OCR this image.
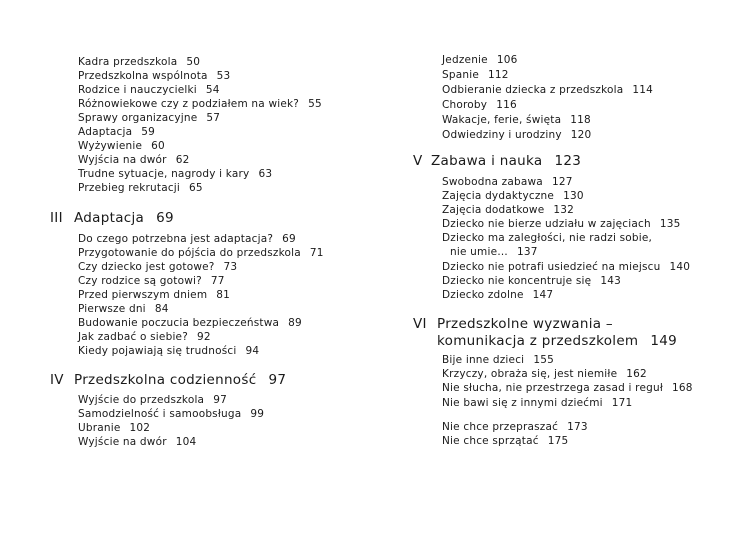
Kadra przedszkola 50
Przedszkolna wspólnota 53
Rodzice i nauczycielki 54
Różnowiekowe czy z podziałem na wiek? 55
Sprawy organizacyjne 57
Adaptacja 59
Wyżywienie 60
Wyjścia na dwór 62
Trudne sytuacje, nagrody i kary 63
Przebieg rekrutacji 65
III Adaptacja 69
Do czego potrzebna jest adaptacja? 69
Przygotowanie do pójścia do przedszkola 71
Czy dziecko jest gotowe? 73
Czy rodzice są gotowi? 77
Przed pierwszym dniem 81
Pierwsze dni 84
Budowanie poczucia bezpieczeństwa 89
Jak zadbać o siebie? 92
Kiedy pojawiają się trudności 94
IV Przedszkolna codzienność 97
Wyjście do przedszkola 97
Samodzielność i samoobsługa 99
Ubranie 102
Wyjście na dwór 104
Jedzenie 106
Spanie 112
Odbieranie dziecka z przedszkola 114
Choroby 116
Wakacje, ferie, święta 118
Odwiedziny i urodziny 120
V Zabawa i nauka 123
Swobodna zabawa 127
Zajęcia dydaktyczne 130
Zajęcia dodatkowe 132
Dziecko nie bierze udziału w zajęciach 135
Dziecko ma zaległości, nie radzi sobie,
nie umie… 137
Dziecko nie potrafi usiedzieć na miejscu 140
Dziecko nie koncentruje się 143
Dziecko zdolne 147
VI Przedszkolne wyzwania –
komunikacja z przedszkolem 149
Bije inne dzieci 155
Krzyczy, obraża się, jest niemiłe 162
Nie słucha, nie przestrzega zasad i reguł 168
Nie bawi się z innymi dziećmi 171
Nie chce przepraszać 173
Nie chce sprzątać 175
